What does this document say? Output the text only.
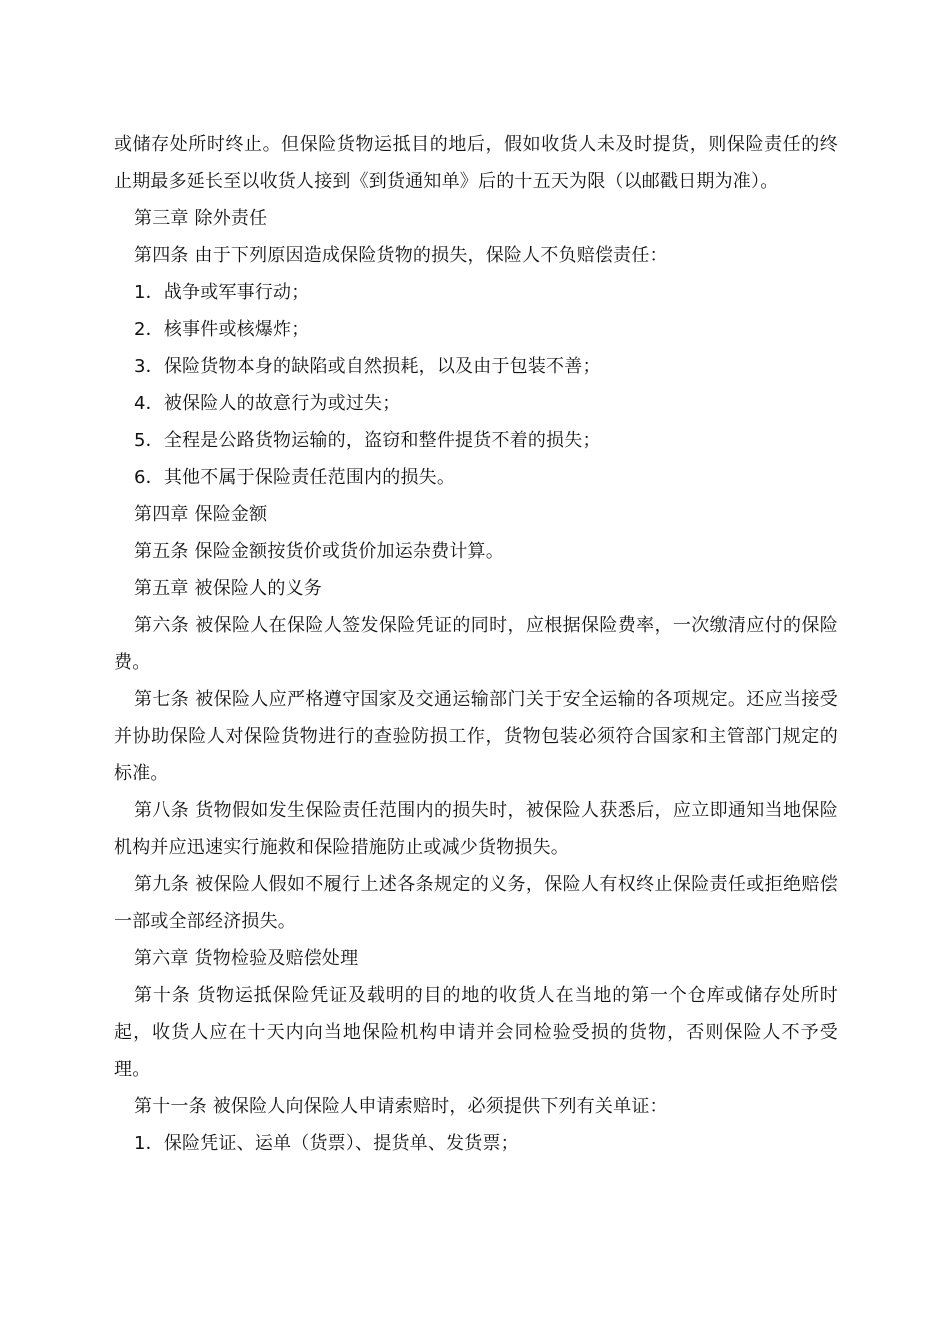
或储存处所时终止。但保险货物运抵目的地后，假如收货人未及时提货，则保险责任的终止期最多延长至以收货人接到《到货通知单》后的十五天为限（以邮戳日期为准）。

第三章 除外责任

第四条 由于下列原因造成保险货物的损失，保险人不负赔偿责任：

1．战争或军事行动；

2．核事件或核爆炸；

3．保险货物本身的缺陷或自然损耗，以及由于包装不善；

4．被保险人的故意行为或过失；

5．全程是公路货物运输的，盗窃和整件提货不着的损失；

6．其他不属于保险责任范围内的损失。

第四章 保险金额

第五条 保险金额按货价或货价加运杂费计算。

第五章 被保险人的义务

第六条 被保险人在保险人签发保险凭证的同时，应根据保险费率，一次缴清应付的保险费。

第七条 被保险人应严格遵守国家及交通运输部门关于安全运输的各项规定。还应当接受并协助保险人对保险货物进行的查验防损工作，货物包装必须符合国家和主管部门规定的标准。

第八条 货物假如发生保险责任范围内的损失时，被保险人获悉后，应立即通知当地保险机构并应迅速实行施救和保险措施防止或减少货物损失。

第九条 被保险人假如不履行上述各条规定的义务，保险人有权终止保险责任或拒绝赔偿一部或全部经济损失。

第六章 货物检验及赔偿处理

第十条 货物运抵保险凭证及载明的目的地的收货人在当地的第一个仓库或储存处所时起，收货人应在十天内向当地保险机构申请并会同检验受损的货物，否则保险人不予受理。

第十一条 被保险人向保险人申请索赔时，必须提供下列有关单证：

1．保险凭证、运单（货票）、提货单、发货票；
